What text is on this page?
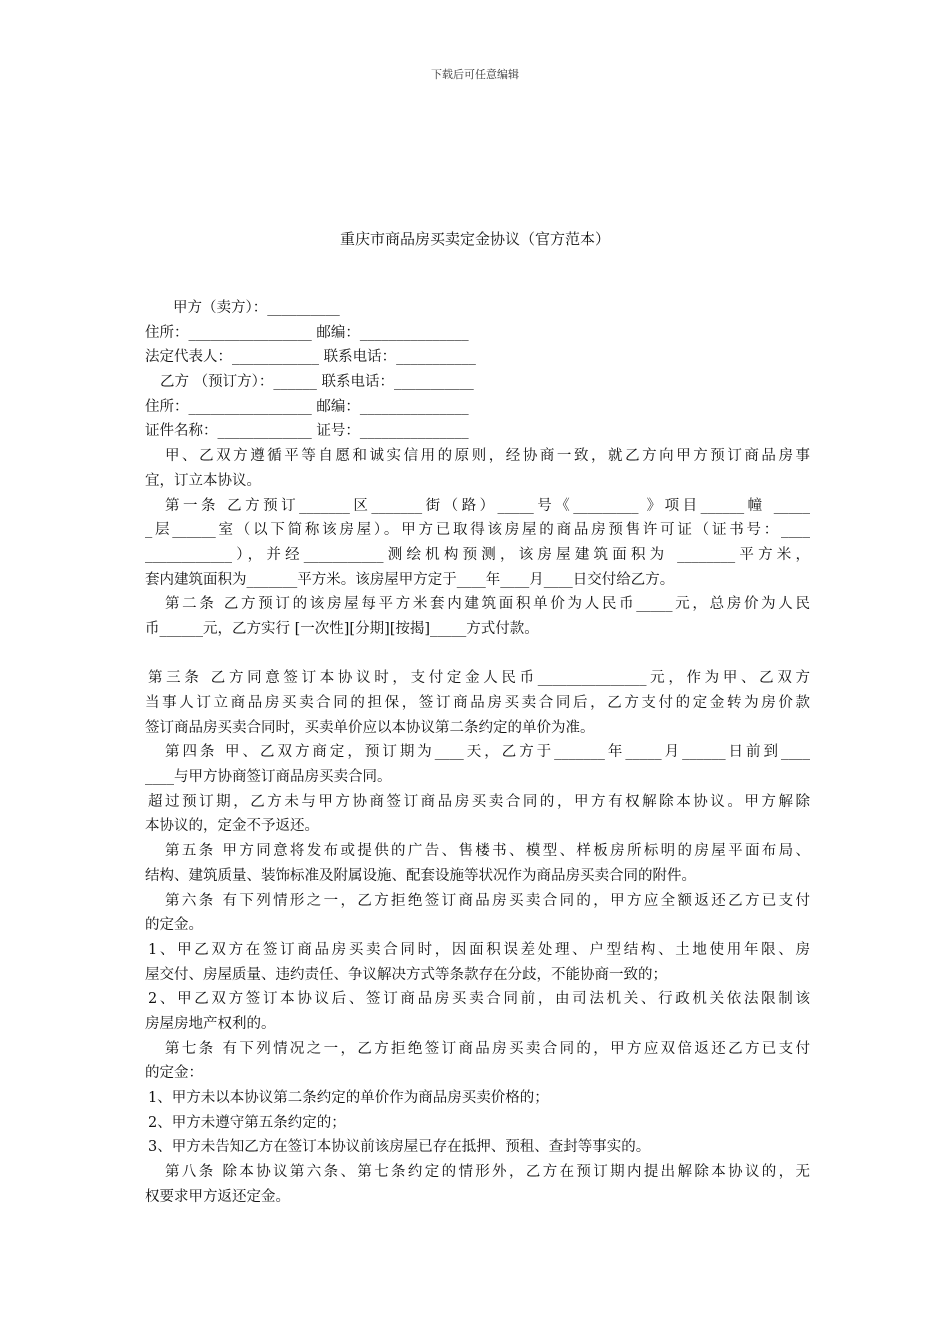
下载后可任意编辑
重庆市商品房买卖定金协议（官方范本）
甲方（卖方）：__________
住所：_________________ 邮编：_______________
法定代表人：____________ 联系电话：___________
乙方 （预订方）：______ 联系电话：___________
住所：_________________ 邮编：_______________
证件名称：_____________ 证号：_______________
甲、乙双方遵循平等自愿和诚实信用的原则，经协商一致，就乙方向甲方预订商品房事
宜，订立本协议。
第一条 乙方预订_______区_______街（路）_____号《_________ 》项目______幢 _____
_层______室（以下简称该房屋）。甲方已取得该房屋的商品房预售许可证（证书号：____
____________），并经___________测绘机构预测，该房屋建筑面积为 ________平方米，
套内建筑面积为_______平方米。该房屋甲方定于____年____月____日交付给乙方。
第二条 乙方预订的该房屋每平方米套内建筑面积单价为人民币_____元，总房价为人民
币______元，乙方实行 [一次性][分期][按揭]_____方式付款。
第三条 乙方同意签订本协议时，支付定金人民币_______________元，作为甲、乙双方
当事人订立商品房买卖合同的担保，签订商品房买卖合同后，乙方支付的定金转为房价款
签订商品房买卖合同时，买卖单价应以本协议第二条约定的单价为准。
第四条 甲、乙双方商定，预订期为____天，乙方于_______年_____月______日前到____
____与甲方协商签订商品房买卖合同。
超过预订期，乙方未与甲方协商签订商品房买卖合同的，甲方有权解除本协议。甲方解除
本协议的，定金不予返还。
第五条 甲方同意将发布或提供的广告、售楼书、模型、样板房所标明的房屋平面布局、
结构、建筑质量、装饰标准及附属设施、配套设施等状况作为商品房买卖合同的附件。
第六条 有下列情形之一，乙方拒绝签订商品房买卖合同的，甲方应全额返还乙方已支付
的定金。
1、甲乙双方在签订商品房买卖合同时，因面积误差处理、户型结构、土地使用年限、房
屋交付、房屋质量、违约责任、争议解决方式等条款存在分歧，不能协商一致的；
2、甲乙双方签订本协议后、签订商品房买卖合同前，由司法机关、行政机关依法限制该
房屋房地产权利的。
第七条 有下列情况之一，乙方拒绝签订商品房买卖合同的，甲方应双倍返还乙方已支付
的定金：
1、甲方未以本协议第二条约定的单价作为商品房买卖价格的；
2、甲方未遵守第五条约定的；
3、甲方未告知乙方在签订本协议前该房屋已存在抵押、预租、查封等事实的。
第八条 除本协议第六条、第七条约定的情形外，乙方在预订期内提出解除本协议的，无
权要求甲方返还定金。
